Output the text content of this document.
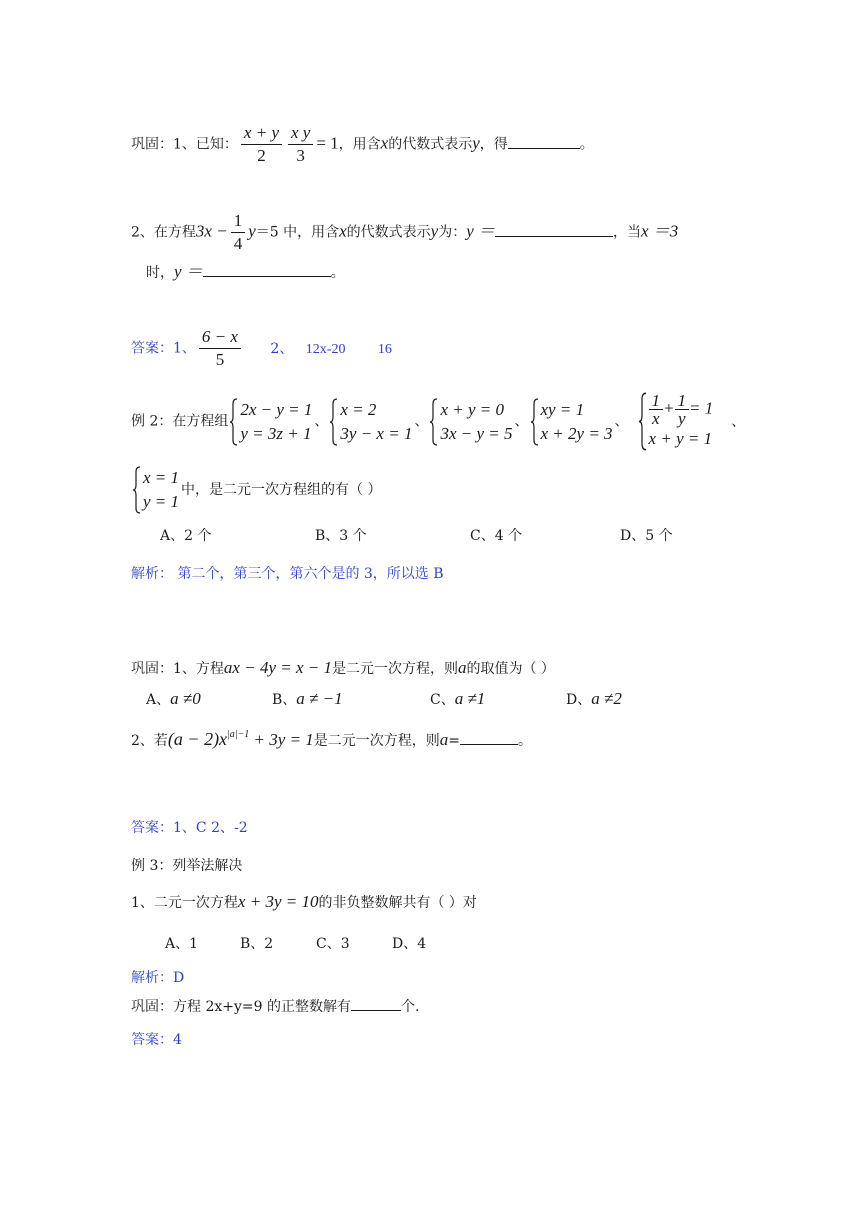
巩固：1、已知： $\frac{x + y}{2} \frac{\text{x y}}{3} = 1$，用含x的代数式表示y，得	。
2、在方程$3x - \frac{1}{4} y=5$ 中，用含x的代数式表示y为：y ＝	，当x ＝3
时，y ＝	。
答案：1、 $\frac{6 - x}{5} 2$、 12x-20 16
例 2：在方程组
2x − y = 1
y = 3z + 1
、
x = 2
3y − x = 1
、
x + y = 0
3x − y = 5
、
xy = 1
x + 2y = 3
、 $\frac{1}{x} + \frac{1}{y} = 1$
x + y = 1
、
x = 1
y = 1
中，是二元一次方程组的有（ ）
A、2 个	B、3 个	C、4 个	D、5 个
解析： 第二个，第三个，第六个是的 3，所以选 B
巩固：1、方程ax − 4y = x − 1是二元一次方程，则a的取值为（ ）
A、a ≠0	B、a ≠ −1	C、a ≠1	D、a ≠2
2、若$(a - 2)x^{|a|-1} + 3y = 1$是二元一次方程，则a=	。
答案：1、C 2、-2
例 3：列举法解决
1、二元一次方程x + 3y = 10的非负整数解共有（ ）对
A、1	B、2	C、3	D、4
解析：D
巩固：方程 2x+y=9 的正整数解有	个.
答案：4
